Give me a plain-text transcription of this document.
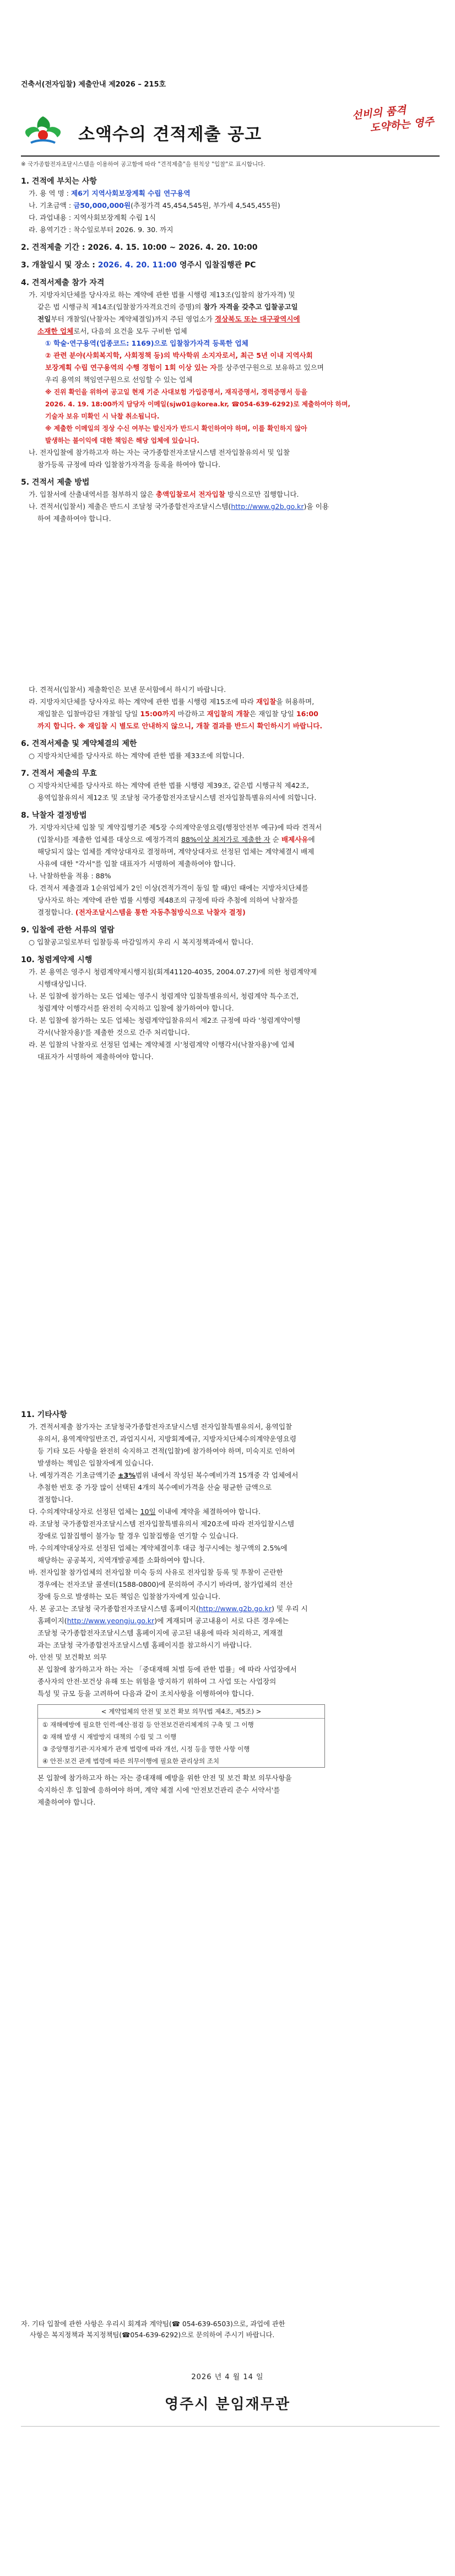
건축서(전자입찰) 제출안내 제2026 – 215호
소액수의 견적제출 공고
선비의 품격
도약하는 영주
※ 국가종합전자조달시스템을 이용하여 공고함에 따라 "견적제출"을 원칙상 "입찰"로 표시합니다.

1. 견적에 부치는 사항

가. 용 역 명 : 제6기 지역사회보장계획 수립 연구용역

나. 기초금액 : 금50,000,000원(추정가격 45,454,545원, 부가세 4,545,455원)

다. 과업내용 : 지역사회보장계획 수립 1식

라. 용역기간 : 착수일로부터 2026. 9. 30. 까지

2. 견적제출 기간 : 2026. 4. 15. 10:00 ~ 2026. 4. 20. 10:00

3. 개찰일시 및 장소 : 2026. 4. 20. 11:00 영주시 입찰집행관 PC

4. 견적서제출 참가 자격

가. 지방자치단체를 당사자로 하는 계약에 관한 법률 시행령 제13조(입찰의 참가자격) 및

같은 법 시행규칙 제14조(입찰참가자격요건의 증명)의 참가 자격을 갖추고 입찰공고일

전일부터 개찰일(낙찰자는 계약체결일)까지 주된 영업소가 경상북도 또는 대구광역시에

소재한 업체로서, 다음의 요건을 모두 구비한 업체

① 학술·연구용역(업종코드: 1169)으로 입찰참가자격 등록한 업체

② 관련 분야(사회복지학, 사회정책 등)의 박사학위 소지자로서, 최근 5년 이내 지역사회

보장계획 수립 연구용역의 수행 경험이 1회 이상 있는 자를 상주연구원으로 보유하고 있으며

우리 용역의 책임연구원으로 선임할 수 있는 업체

※ 진위 확인을 위하여 공고일 현재 기준 사대보험 가입증명서, 재직증명서, 경력증명서 등을

2026. 4. 19. 18:00까지 담당자 이메일(sjw01@korea.kr, ☎054-639-6292)로 제출하여야 하며,

기술자 보유 미확인 시 낙찰 취소됩니다.

※ 제출한 이메일의 정상 수신 여부는 발신자가 반드시 확인하여야 하며, 이를 확인하지 않아

발생하는 불이익에 대한 책임은 해당 업체에 있습니다.

나. 전자입찰에 참가하고자 하는 자는 국가종합전자조달시스템 전자입찰유의서 및 입찰

참가등록 규정에 따라 입찰참가자격을 등록을 하여야 합니다.

5. 견적서 제출 방법

가. 입찰서에 산출내역서를 첨부하지 않은 총액입찰로서 전자입찰 방식으로만 집행합니다.

나. 견적서(입찰서) 제출은 반드시 조달청 국가종합전자조달시스템(http://www.g2b.go.kr)을 이용

하여 제출하여야 합니다.

다. 견적서(입찰서) 제출확인은 보낸 문서함에서 하시기 바랍니다.

라. 지방자치단체를 당사자로 하는 계약에 관한 법률 시행령 제15조에 따라 재입찰을 허용하며,

재입찰은 입찰마감된 개찰일 당일 15:00까지 마감하고 재입찰의 개찰은 재입찰 당일 16:00

까지 합니다. ※ 재입찰 시 별도로 안내하지 않으니, 개찰 결과를 반드시 확인하시기 바랍니다.

6. 견적서제출 및 계약체결의 제한

○ 지방자치단체를 당사자로 하는 계약에 관한 법률 제33조에 의합니다.

7. 견적서 제출의 무효

○ 지방자치단체를 당사자로 하는 계약에 관한 법률 시행령 제39조, 같은법 시행규칙 제42조,

용역입찰유의서 제12조 및 조달청 국가종합전자조달시스템 전자입찰특별유의서에 의합니다.

8. 낙찰자 결정방법

가. 지방자치단체 입찰 및 계약집행기준 제5장 수의계약운영요령(행정안전부 예규)에 따라 견적서

(입찰서)를 제출한 업체를 대상으로 예정가격의 88%이상 최저가로 제출한 자 순 배제사유에

해당되지 않는 업체를 계약상대자로 결정하며, 계약상대자로 선정된 업체는 계약체결시 배제

사유에 대한 "각서"를 입찰 대표자가 서명하여 제출하여야 합니다.

나. 낙찰하한율 적용 : 88%

다. 견적서 제출결과 1순위업체가 2인 이상(견적가격이 동일 할 때)인 때에는 지방자치단체를

당사자로 하는 계약에 관한 법률 시행령 제48조의 규정에 따라 추첨에 의하여 낙찰자를

결정합니다. (전자조달시스템을 통한 자동추첨방식으로 낙찰자 결정)

9. 입찰에 관한 서류의 열람

○ 입찰공고일로부터 입찰등록 마감일까지 우리 시 복지정책과에서 합니다.

10. 청렴계약제 시행

가. 본 용역은 영주시 청렴계약제시행지침(회계41120-4035, 2004.07.27)에 의한 청렴계약제

시행대상입니다.

나. 본 입찰에 참가하는 모든 업체는 영주시 청렴계약 입찰특별유의서, 청렴계약 특수조건,

청렴계약 이행각서를 완전히 숙지하고 입찰에 참가하여야 합니다.

다. 본 입찰에 참가하는 모든 업체는 청렴계약입찰유의서 제2조 규정에 따라 '청렴계약이행

각서(낙찰자용)'를 제출한 것으로 간주 처리합니다.

라. 본 입찰의 낙찰자로 선정된 업체는 계약체결 시'청렴계약 이행각서(낙찰자용)'에 업체

대표자가 서명하여 제출하여야 합니다.

11. 기타사항

가. 견적서제출 참가자는 조달청국가종합전자조달시스템 전자입찰특별유의서, 용역입찰

유의서, 용역계약일반조건, 과업지시서, 지방회계예규, 지방자치단체수의계약운영요령

등 기타 모든 사항을 완전히 숙지하고 견적(입찰)에 참가하여야 하며, 미숙지로 인하여

발생하는 책임은 입찰자에게 있습니다.

나. 예정가격은 기초금액기준 ±3%범위 내에서 작성된 복수예비가격 15개중 각 업체에서

추첨한 번호 중 가장 많이 선택된 4개의 복수예비가격을 산술 평균한 금액으로

결정합니다.

다. 수의계약대상자로 선정된 업체는 10일 이내에 계약을 체결하여야 합니다.

라. 조달청 국가종합전자조달시스템 전자입찰특별유의서 제20조에 따라 전자입찰시스템

장애로 입찰집행이 불가능 할 경우 입찰집행을 연기할 수 있습니다.

마. 수의계약대상자로 선정된 업체는 계약체결이후 대금 청구시에는 청구액의 2.5%에

해당하는 공공복지, 지역개발공제를 소화하여야 합니다.

바. 전자입찰 참가업체의 전자입찰 미숙 등의 사유로 전자입찰 등록 및 투찰이 곤란한

경우에는 전자조달 콜센터(1588-0800)에 문의하여 주시기 바라며, 참가업체의 전산

장애 등으로 발생하는 모든 책임은 입찰참가자에게 있습니다.

사. 본 공고는 조달청 국가종합전자조달시스템 홈페이지(http://www.g2b.go.kr) 및 우리 시

홈페이지(http://www.yeongju.go.kr)에 게재되며 공고내용이 서로 다른 경우에는

조달청 국가종합전자조달시스템 홈페이지에 공고된 내용에 따라 처리하고, 게재결

과는 조달청 국가종합전자조달시스템 홈페이지를 참고하시기 바랍니다.

아. 안전 및 보건확보 의무

본 입찰에 참가하고자 하는 자는 「중대재해 처벌 등에 관한 법률」에 따라 사업장에서

종사자의 안전·보건상 유해 또는 위험을 방지하기 위하여 그 사업 또는 사업장의

특성 및 규모 등을 고려하여 다음과 같이 조치사항을 이행하여야 합니다.

< 계약업체의 안전 및 보건 확보 의무(법 제4조, 제5조) >
① 재해예방에 필요한 인력·예산·점검 등 안전보건관리체계의 구축 및 그 이행
② 재해 발생 시 재발방지 대책의 수립 및 그 이행
③ 중앙행정기관·지자체가 관계 법령에 따라 개선, 시정 등을 명한 사항 이행
④ 안전·보건 관계 법령에 따른 의무이행에 필요한 관리상의 조치

본 입찰에 참가하고자 하는 자는 중대재해 예방을 위한 안전 및 보건 확보 의무사항을

숙지하신 후 입찰에 응하여야 하며, 계약 체결 시에 '안전보건관리 준수 서약서'를

제출하여야 합니다.

자. 기타 입찰에 관한 사항은 우리시 회계과 계약팀(☎ 054-639-6503)으로, 과업에 관한
사항은 복지정책과 복지정책팀(☎054-639-6292)으로 문의하여 주시기 바랍니다.
2026 년 4 월 14 일
영주시 분임재무관
